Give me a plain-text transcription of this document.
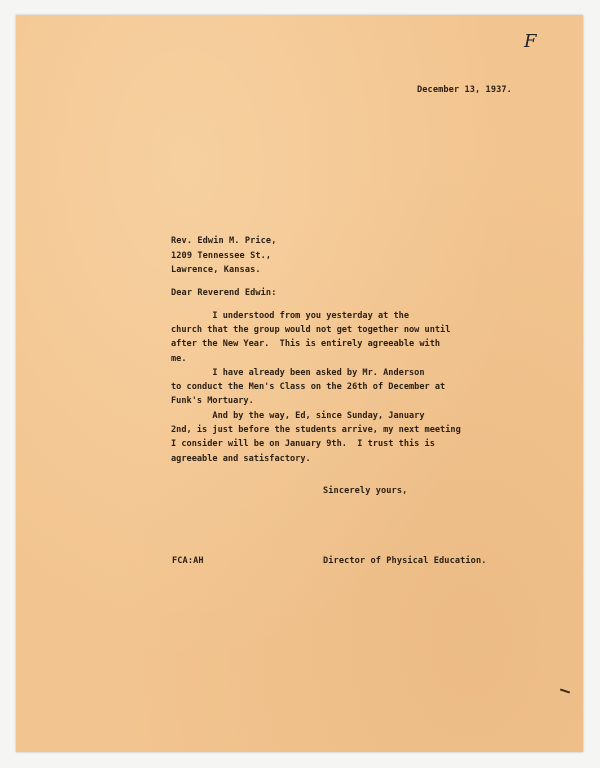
F
December 13, 1937.
Rev. Edwin M. Price,
1209 Tennessee St.,
Lawrence, Kansas.
Dear Reverend Edwin:
I understood from you yesterday at the
church that the group would not get together now until
after the New Year.  This is entirely agreeable with
me.
I have already been asked by Mr. Anderson
to conduct the Men's Class on the 26th of December at
Funk's Mortuary.
And by the way, Ed, since Sunday, January
2nd, is just before the students arrive, my next meeting
I consider will be on January 9th.  I trust this is
agreeable and satisfactory.
Sincerely yours,
FCA:AH	Director of Physical Education.
